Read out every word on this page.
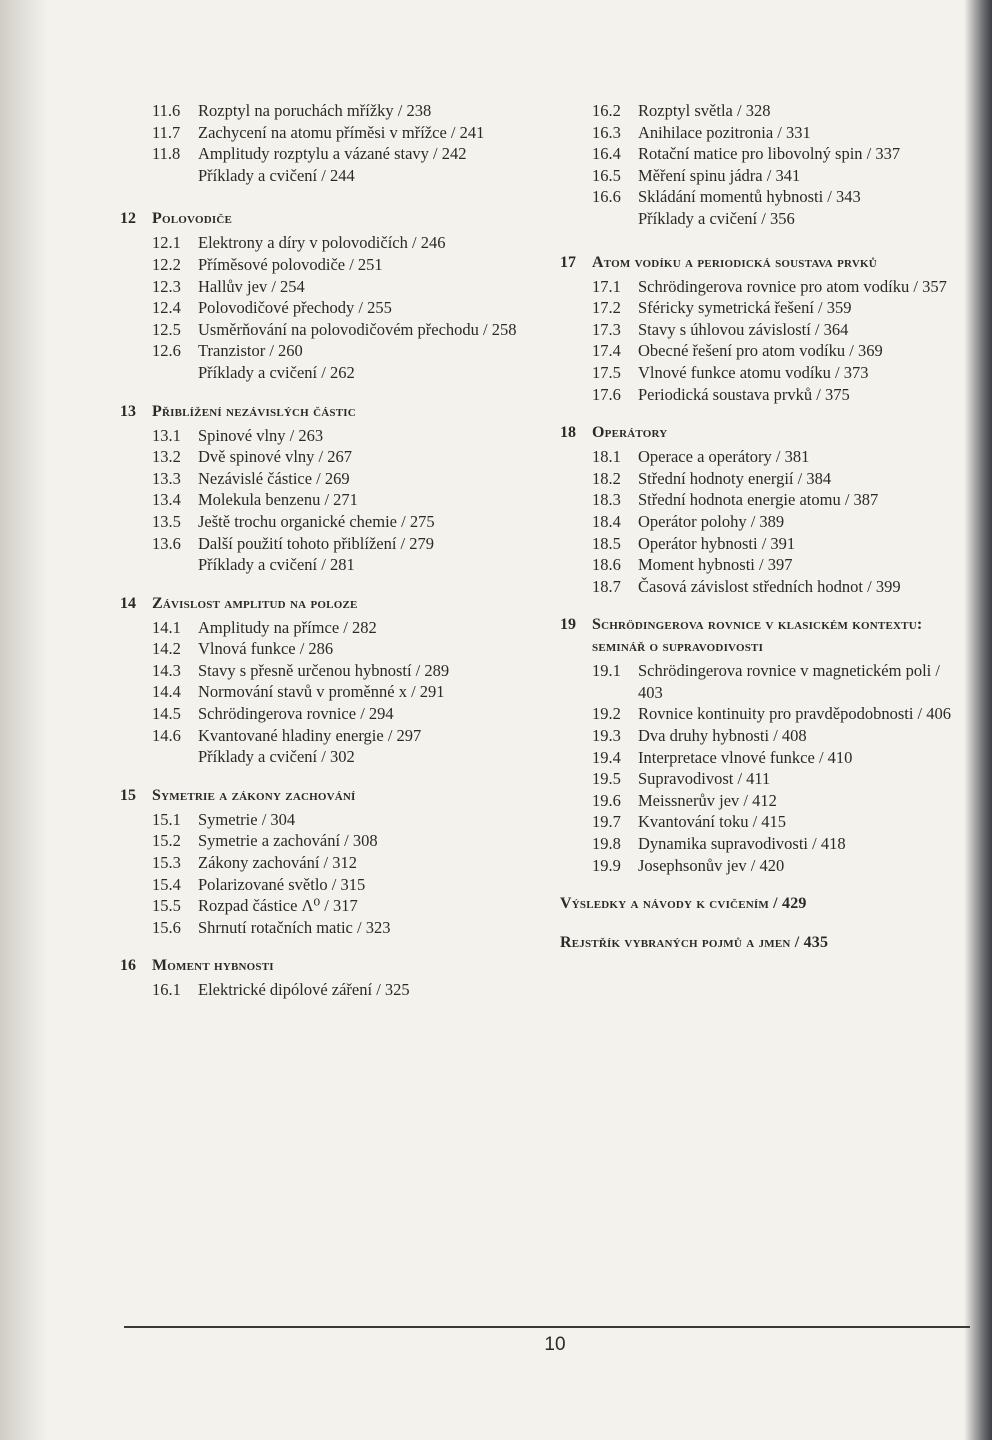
11.6	Rozptyl na poruchách mřížky / 238
11.7	Zachycení na atomu příměsi v mřížce / 241
11.8	Amplitudy rozptylu a vázané stavy / 242
Příklady a cvičení / 244
12	Polovodiče
12.1	Elektrony a díry v polovodičích / 246
12.2	Příměsové polovodiče / 251
12.3	Hallův jev / 254
12.4	Polovodičové přechody / 255
12.5	Usměrňování na polovodičovém přechodu / 258
12.6	Tranzistor / 260
Příklady a cvičení / 262
13	Přiblížení nezávislých částic
13.1	Spinové vlny / 263
13.2	Dvě spinové vlny / 267
13.3	Nezávislé částice / 269
13.4	Molekula benzenu / 271
13.5	Ještě trochu organické chemie / 275
13.6	Další použití tohoto přiblížení / 279
Příklady a cvičení / 281
14	Závislost amplitud na poloze
14.1	Amplitudy na přímce / 282
14.2	Vlnová funkce / 286
14.3	Stavy s přesně určenou hybností / 289
14.4	Normování stavů v proměnné x / 291
14.5	Schrödingerova rovnice / 294
14.6	Kvantované hladiny energie / 297
Příklady a cvičení / 302
15	Symetrie a zákony zachování
15.1	Symetrie / 304
15.2	Symetrie a zachování / 308
15.3	Zákony zachování / 312
15.4	Polarizované světlo / 315
15.5	Rozpad částice Λ⁰ / 317
15.6	Shrnutí rotačních matic / 323
16	Moment hybnosti
16.1	Elektrické dipólové záření / 325
16.2	Rozptyl světla / 328
16.3	Anihilace pozitronia / 331
16.4	Rotační matice pro libovolný spin / 337
16.5	Měření spinu jádra / 341
16.6	Skládání momentů hybnosti / 343
Příklady a cvičení / 356
17	Atom vodíku a periodická soustava prvků
17.1	Schrödingerova rovnice pro atom vodíku / 357
17.2	Sféricky symetrická řešení / 359
17.3	Stavy s úhlovou závislostí / 364
17.4	Obecné řešení pro atom vodíku / 369
17.5	Vlnové funkce atomu vodíku / 373
17.6	Periodická soustava prvků / 375
18	Operátory
18.1	Operace a operátory / 381
18.2	Střední hodnoty energií / 384
18.3	Střední hodnota energie atomu / 387
18.4	Operátor polohy / 389
18.5	Operátor hybnosti / 391
18.6	Moment hybnosti / 397
18.7	Časová závislost středních hodnot / 399
19	Schrödingerova rovnice v klasickém kontextu: seminář o supravodivosti
19.1	Schrödingerova rovnice v magnetickém poli / 403
19.2	Rovnice kontinuity pro pravděpodobnosti / 406
19.3	Dva druhy hybnosti / 408
19.4	Interpretace vlnové funkce / 410
19.5	Supravodivost / 411
19.6	Meissnerův jev / 412
19.7	Kvantování toku / 415
19.8	Dynamika supravodivosti / 418
19.9	Josephsonův jev / 420
Výsledky a návody k cvičením / 429
Rejstřík vybraných pojmů a jmen / 435
10
